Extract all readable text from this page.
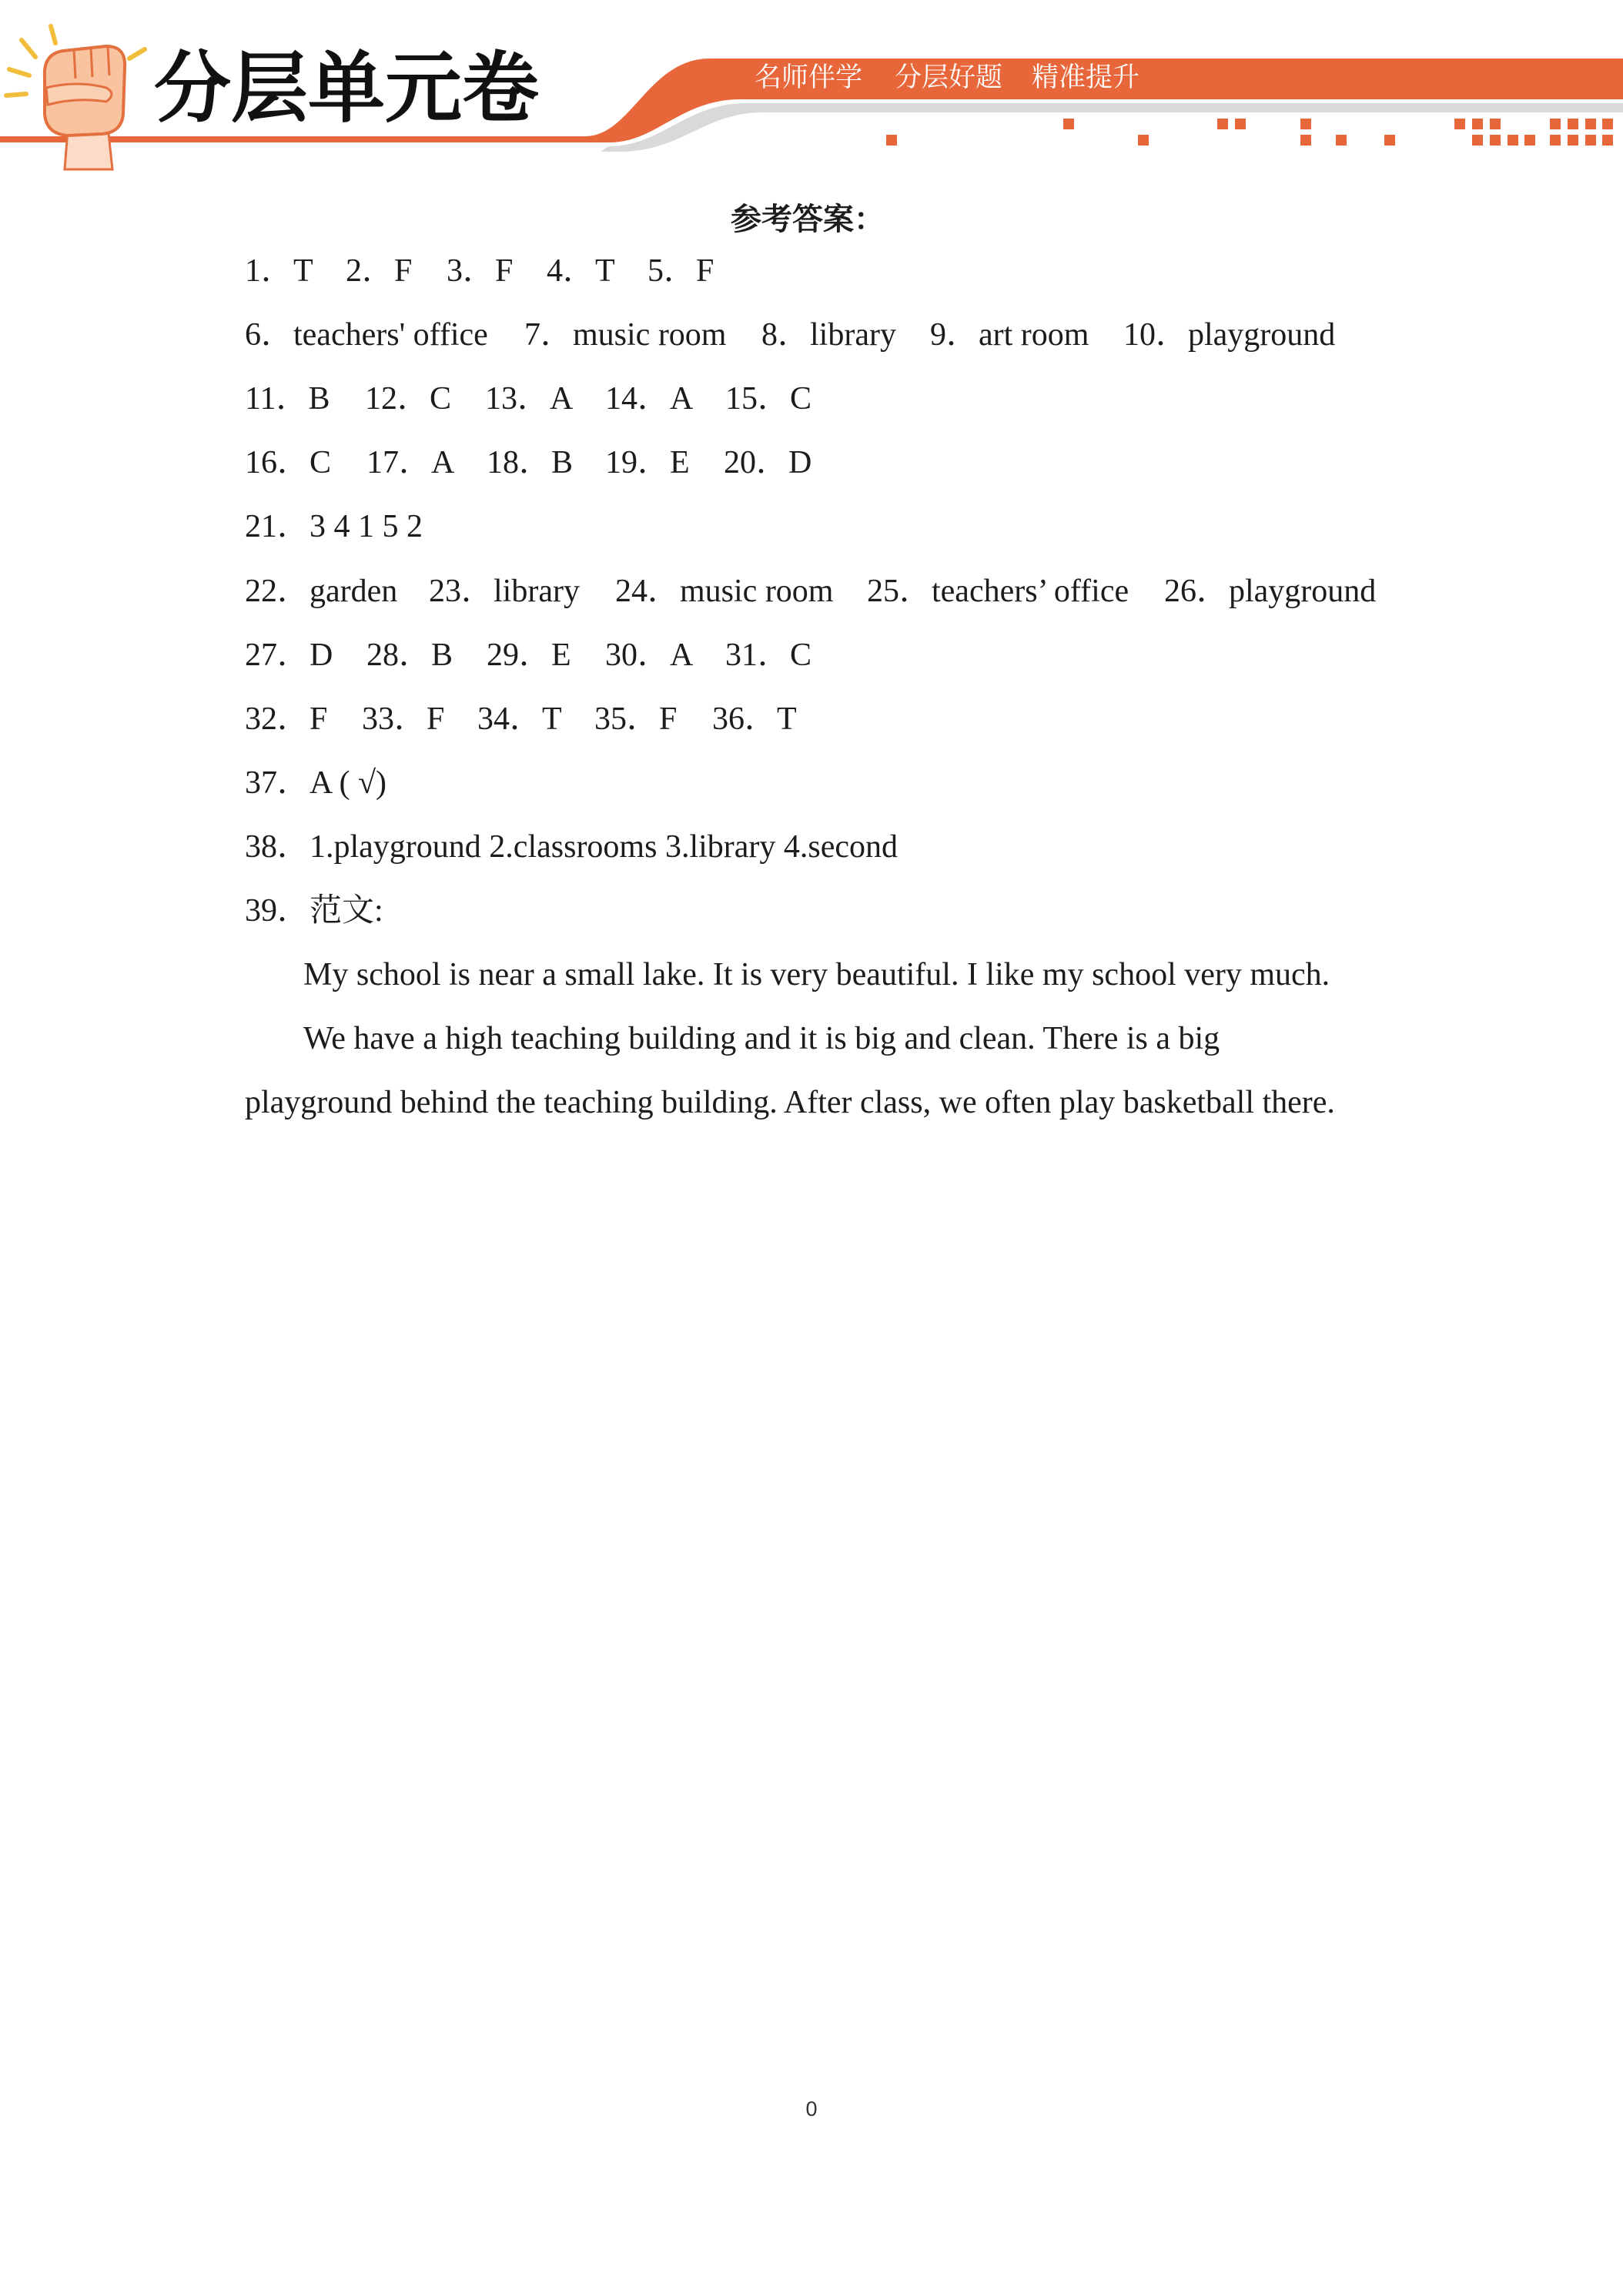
分层单元卷	名师伴学 分层好题 精准提升
参考答案：
1．T 2．F 3．F 4．T 5．F
6．teachers' office 7．music room 8．library 9．art room 10．playground
11．B 12．C 13．A 14．A 15．C
16．C 17．A 18．B 19．E 20．D
21．3 4 1 5 2
22．garden 23．library 24．music room 25．teachers’ office 26．playground
27．D 28．B 29．E 30．A 31．C
32．F 33．F 34．T 35．F 36．T
37．A ( √)
38．1.playground 2.classrooms 3.library 4.second
39．范文:
My school is near a small lake. It is very beautiful. I like my school very much.
We have a high teaching building and it is big and clean. There is a big
playground behind the teaching building. After class, we often play basketball there.
0
